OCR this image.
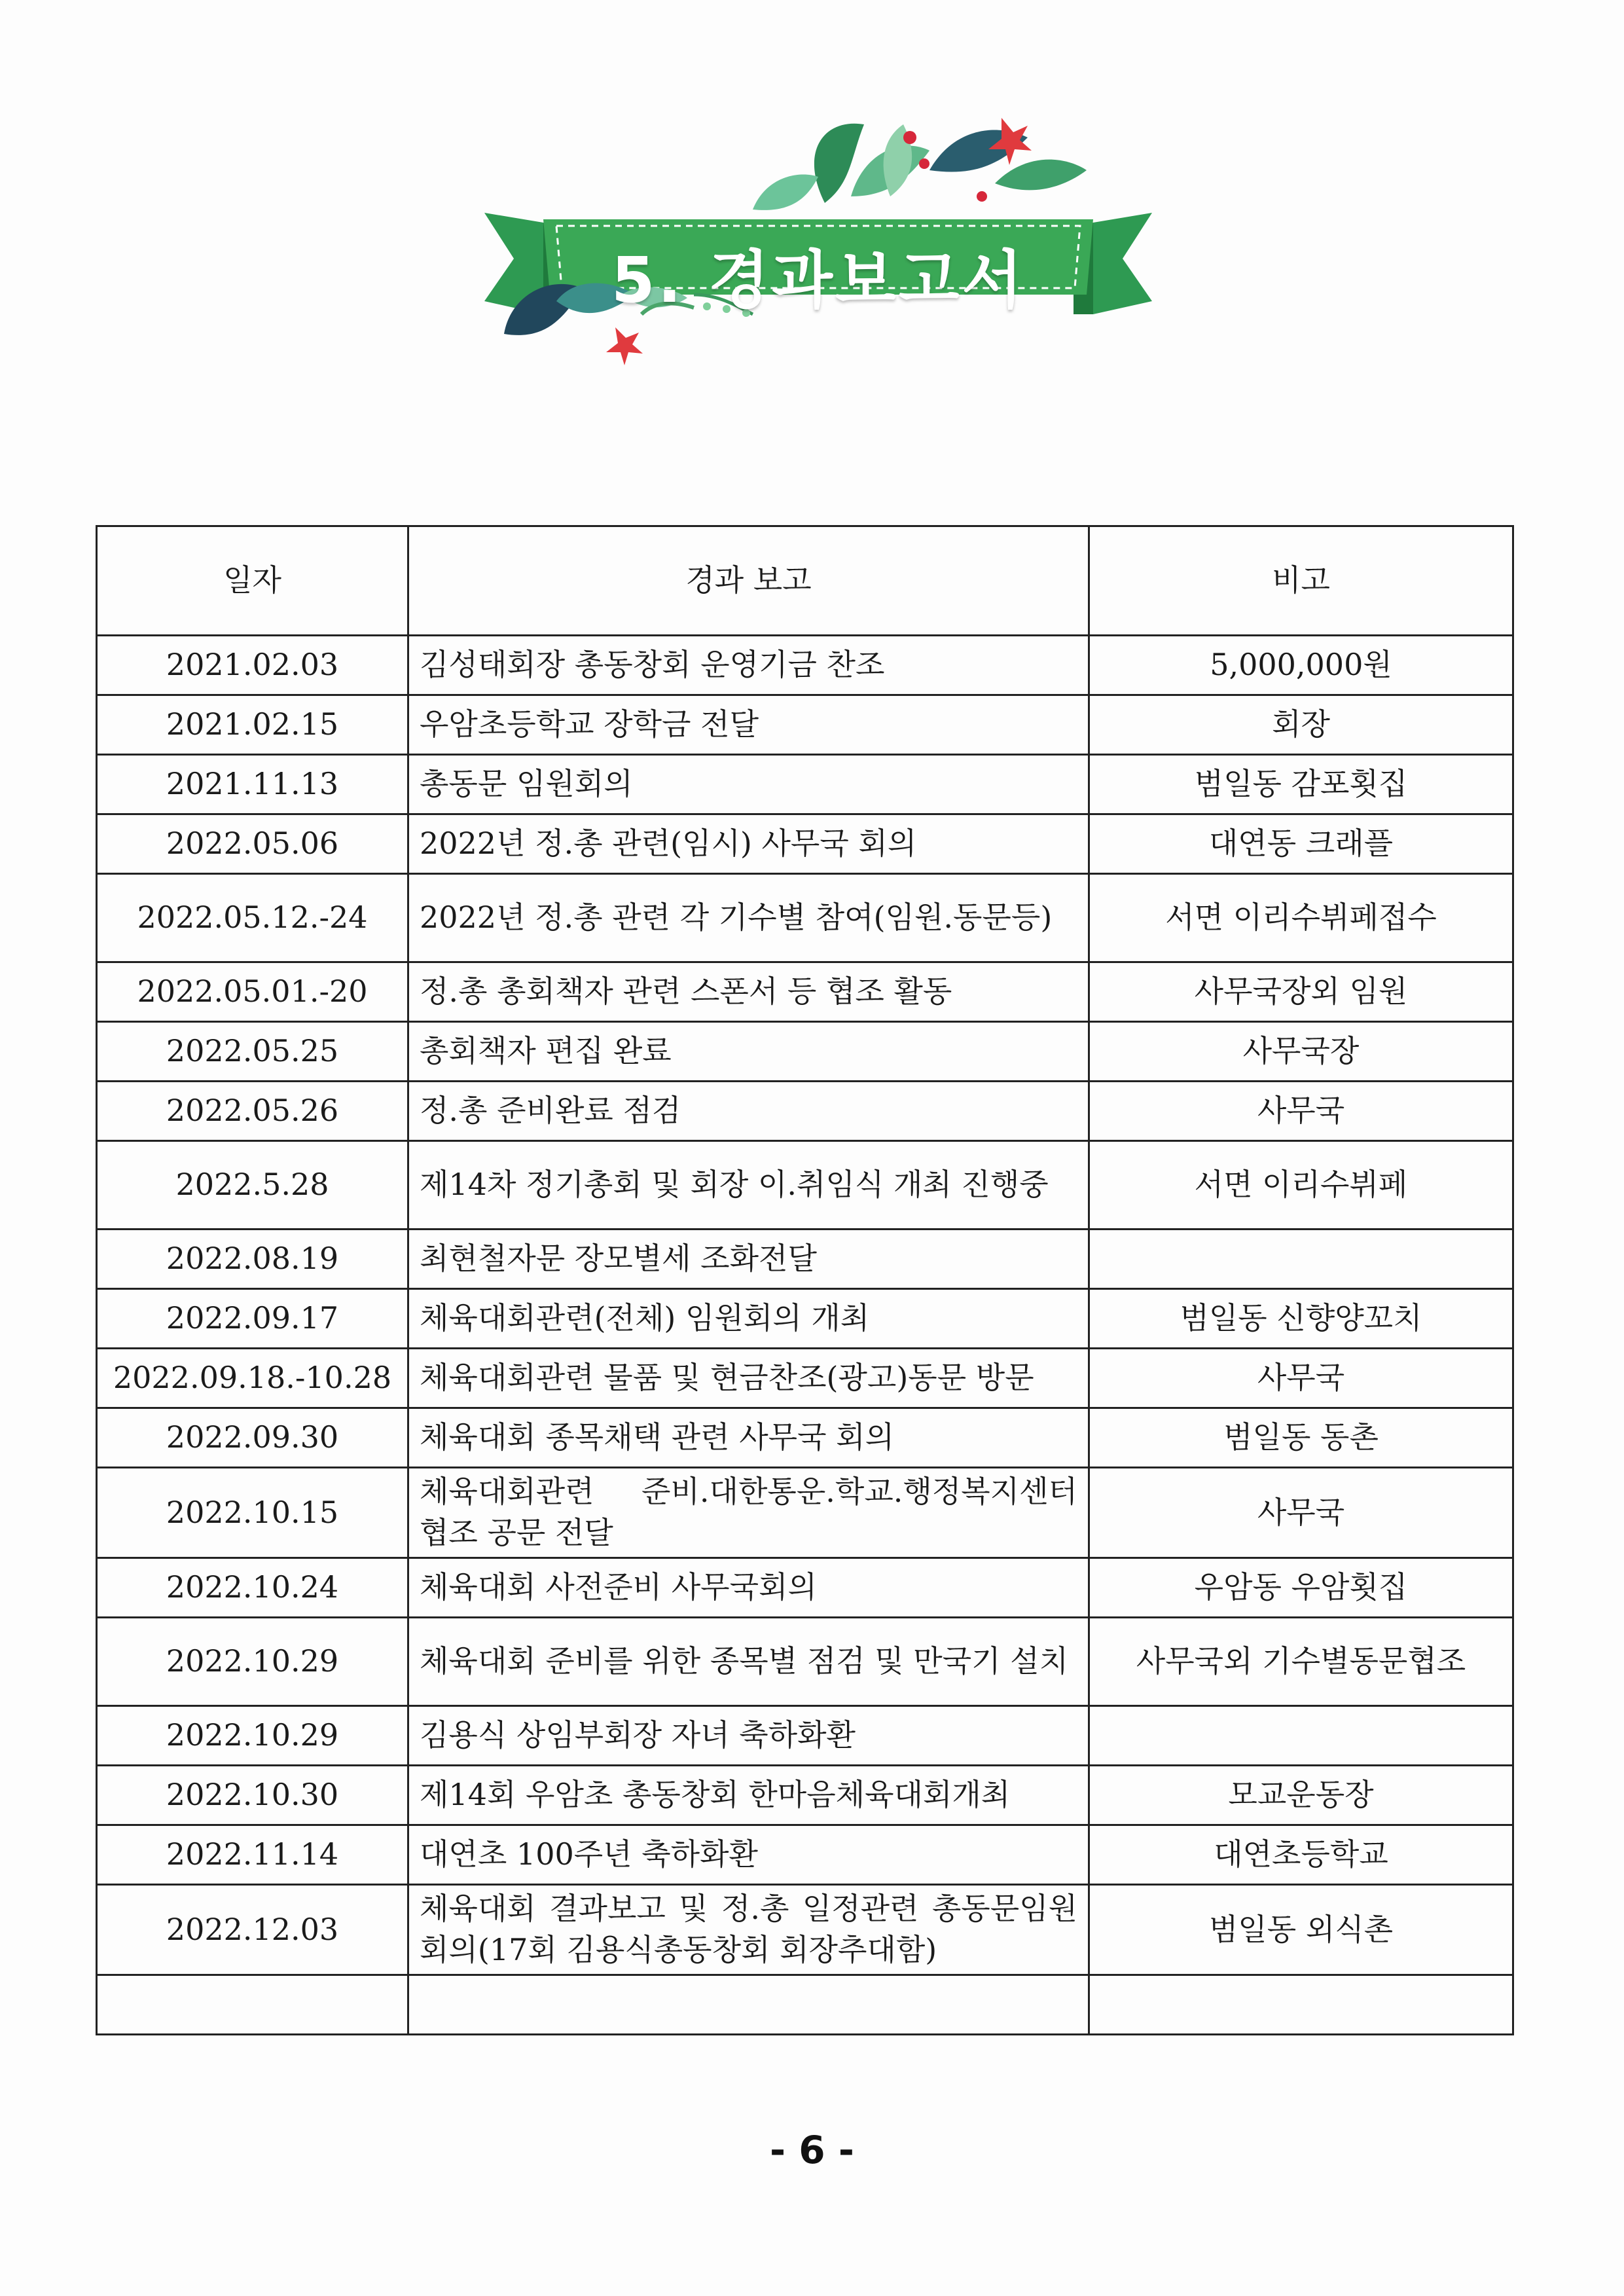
5. 경과보고서
일자	경과 보고	비고
2021.02.03	김성태회장 총동창회 운영기금 찬조	5,000,000원
2021.02.15	우암초등학교 장학금 전달	회장
2021.11.13	총동문 임원회의	범일동 감포횟집
2022.05.06	2022년 정.총 관련(임시) 사무국 회의	대연동 크래플
2022.05.12.-24	2022년 정.총 관련 각 기수별 참여(임원.동문등)	서면 이리수뷔페접수
2022.05.01.-20	정.총 총회책자 관련 스폰서 등 협조 활동	사무국장외 임원
2022.05.25	총회책자 편집 완료	사무국장
2022.05.26	정.총 준비완료 점검	사무국
2022.5.28	제14차 정기총회 및 회장 이.취임식 개최 진행중	서면 이리수뷔페
2022.08.19	최현철자문 장모별세 조화전달	
2022.09.17	체육대회관련(전체) 임원회의 개최	범일동 신향양꼬치
2022.09.18.-10.28	체육대회관련 물품 및 현금찬조(광고)동문 방문	사무국
2022.09.30	체육대회 종목채택 관련 사무국 회의	범일동 동촌
2022.10.15	체육대회관련 준비.대한통운.학교.행정복지센터 협조 공문 전달	사무국
2022.10.24	체육대회 사전준비 사무국회의	우암동 우암횟집
2022.10.29	체육대회 준비를 위한 종목별 점검 및 만국기 설치	사무국외 기수별동문협조
2022.10.29	김용식 상임부회장 자녀 축하화환	
2022.10.30	제14회 우암초 총동창회 한마음체육대회개최	모교운동장
2022.11.14	대연초 100주년 축하화환	대연초등학교
2022.12.03	체육대회 결과보고 및 정.총 일정관련 총동문임원회의(17회 김용식총동창회 회장추대함)	범일동 외식촌

- 6 -
